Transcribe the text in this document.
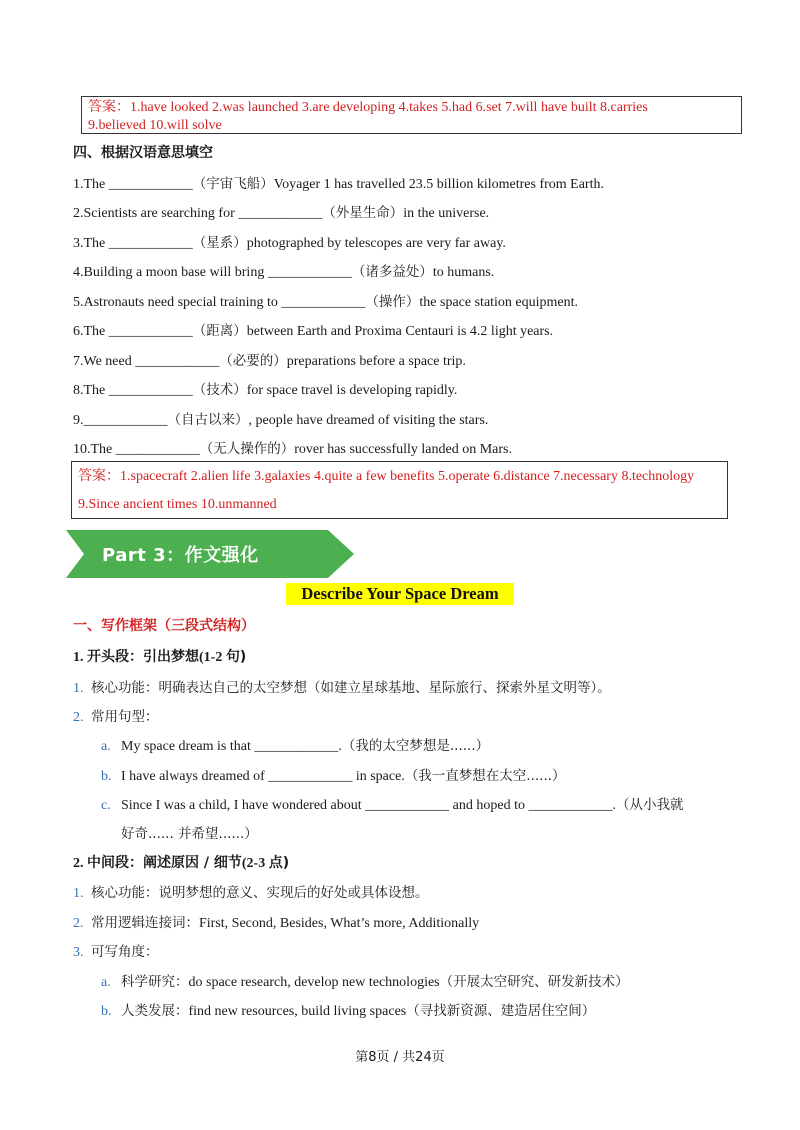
答案：1.have looked 2.was launched 3.are developing 4.takes 5.had 6.set 7.will have built 8.carries
9.believed 10.will solve
四、根据汉语意思填空
1.The ____________（宇宙飞船）Voyager 1 has travelled 23.5 billion kilometres from Earth.
2.Scientists are searching for ____________（外星生命）in the universe.
3.The ____________（星系）photographed by telescopes are very far away.
4.Building a moon base will bring ____________（诸多益处）to humans.
5.Astronauts need special training to ____________（操作）the space station equipment.
6.The ____________（距离）between Earth and Proxima Centauri is 4.2 light years.
7.We need ____________（必要的）preparations before a space trip.
8.The ____________（技术）for space travel is developing rapidly.
9.____________（自古以来）, people have dreamed of visiting the stars.
10.The ____________（无人操作的）rover has successfully landed on Mars.
答案：1.spacecraft 2.alien life 3.galaxies 4.quite a few benefits 5.operate 6.distance 7.necessary 8.technology
9.Since ancient times 10.unmanned
Part 3：作文强化
Describe Your Space Dream
一、写作框架（三段式结构）
1. 开头段：引出梦想(1-2 句)
1. 核心功能：明确表达自己的太空梦想（如建立星球基地、星际旅行、探索外星文明等）。
2. 常用句型：
a. My space dream is that ____________.（我的太空梦想是......）
b. I have always dreamed of ____________ in space.（我一直梦想在太空......）
c. Since I was a child, I have wondered about ____________ and hoped to ____________.（从小我就
好奇...... 并希望......）
2. 中间段：阐述原因 / 细节(2-3 点)
1. 核心功能：说明梦想的意义、实现后的好处或具体设想。
2. 常用逻辑连接词：First, Second, Besides, What’s more, Additionally
3. 可写角度：
a. 科学研究：do space research, develop new technologies（开展太空研究、研发新技术）
b. 人类发展：find new resources, build living spaces（寻找新资源、建造居住空间）
第8页 / 共24页
